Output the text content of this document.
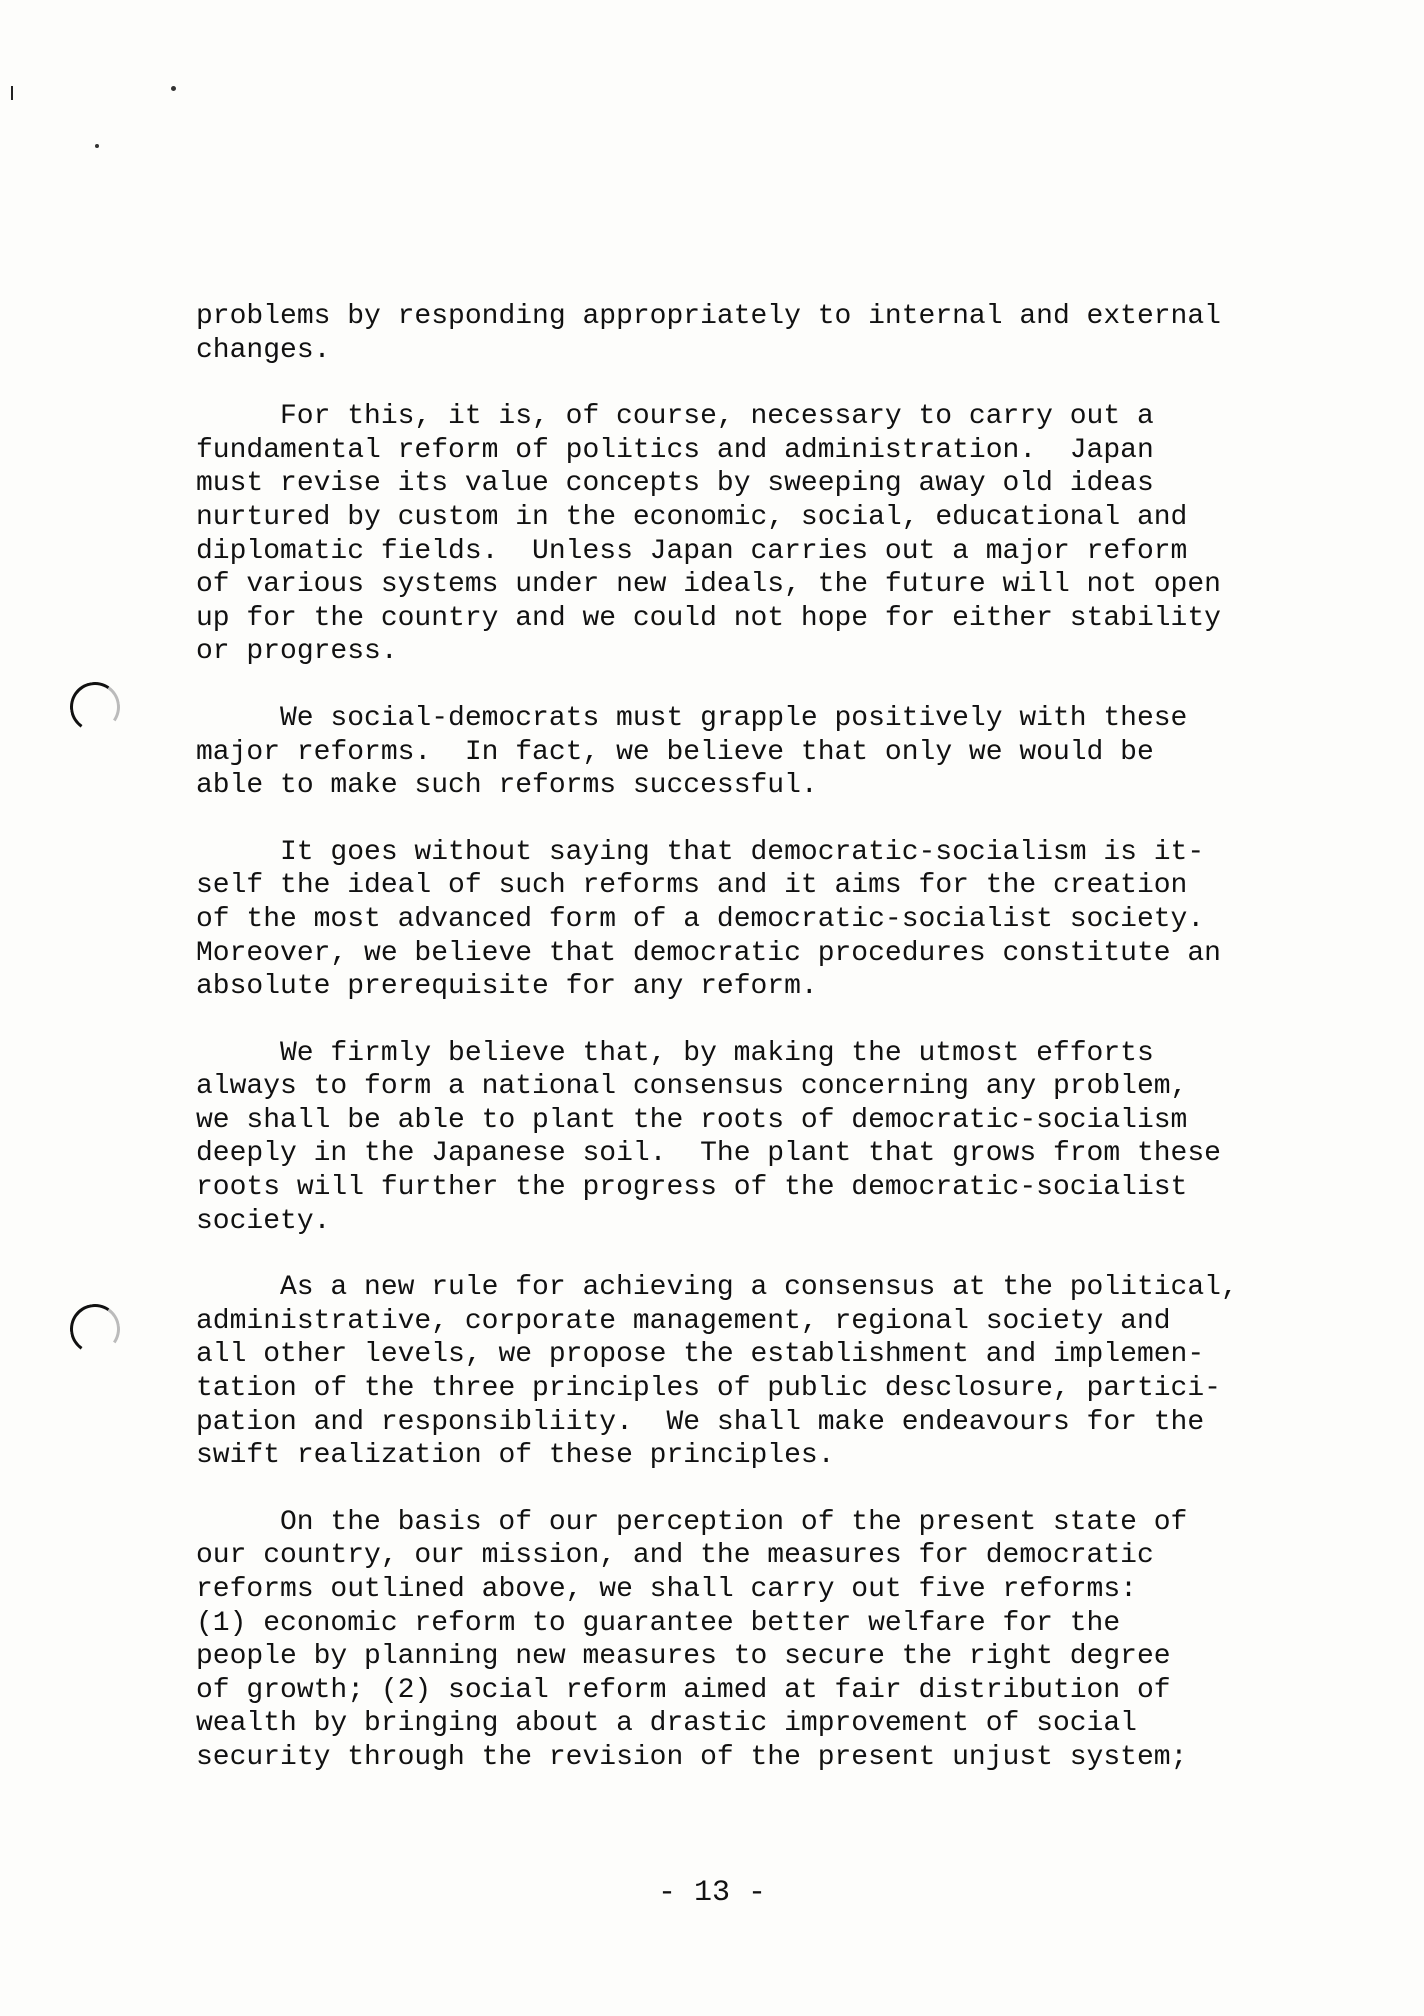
problems by responding appropriately to internal and external
changes.
For this, it is, of course, necessary to carry out a
fundamental reform of politics and administration.  Japan
must revise its value concepts by sweeping away old ideas
nurtured by custom in the economic, social, educational and
diplomatic fields.  Unless Japan carries out a major reform
of various systems under new ideals, the future will not open
up for the country and we could not hope for either stability
or progress.
We social-democrats must grapple positively with these
major reforms.  In fact, we believe that only we would be
able to make such reforms successful.
It goes without saying that democratic-socialism is it-
self the ideal of such reforms and it aims for the creation
of the most advanced form of a democratic-socialist society.
Moreover, we believe that democratic procedures constitute an
absolute prerequisite for any reform.
We firmly believe that, by making the utmost efforts
always to form a national consensus concerning any problem,
we shall be able to plant the roots of democratic-socialism
deeply in the Japanese soil.  The plant that grows from these
roots will further the progress of the democratic-socialist
society.
As a new rule for achieving a consensus at the political,
administrative, corporate management, regional society and
all other levels, we propose the establishment and implemen-
tation of the three principles of public desclosure, partici-
pation and responsibliity.  We shall make endeavours for the
swift realization of these principles.
On the basis of our perception of the present state of
our country, our mission, and the measures for democratic
reforms outlined above, we shall carry out five reforms:
(1) economic reform to guarantee better welfare for the
people by planning new measures to secure the right degree
of growth; (2) social reform aimed at fair distribution of
wealth by bringing about a drastic improvement of social
security through the revision of the present unjust system;
- 13 -
